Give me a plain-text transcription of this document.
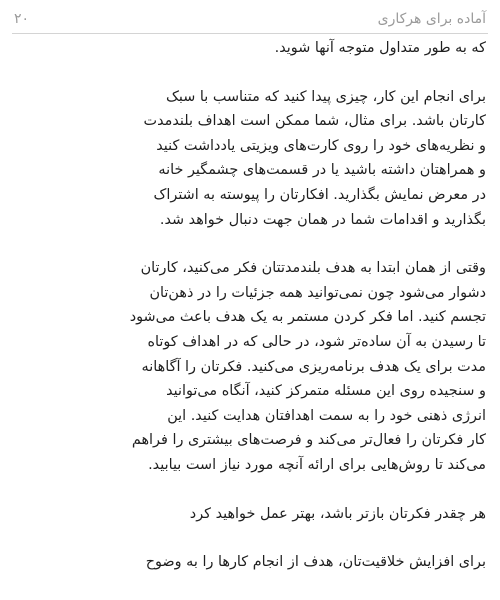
آماده برای هرکاری
۲۰

که به طور متداول متوجه آنها شوید.

برای انجام این کار، چیزی پیدا کنید که متناسب با سبک
کارتان باشد. برای مثال، شما ممکن است اهداف بلندمدت
و نظریه‌های خود را روی کارت‌های ویزیتی یادداشت کنید
و همراهتان داشته باشید یا در قسمت‌های چشمگیر خانه
در معرض نمایش بگذارید. افکارتان را پیوسته به اشتراک
بگذارید و اقدامات شما در همان جهت دنبال خواهد شد.

وقتی از همان ابتدا به هدف بلندمدتتان فکر می‌کنید، کارتان
دشوار می‌شود چون نمی‌توانید همه جزئیات را در ذهن‌تان
تجسم کنید. اما فکر کردن مستمر به یک هدف باعث می‌شود
تا رسیدن به آن ساده‌تر شود، در حالی که در اهداف کوتاه
مدت برای یک هدف برنامه‌ریزی می‌کنید. فکرتان را آگاهانه
و سنجیده روی این مسئله متمرکز کنید، آنگاه می‌توانید
انرژی ذهنی خود را به سمت اهدافتان هدایت کنید. این
کار فکرتان را فعال‌تر می‌کند و فرصت‌های بیشتری را فراهم
می‌کند تا روش‌هایی برای ارائه آنچه مورد نیاز است بیابید.

هر چقدر فکرتان بازتر باشد، بهتر عمل خواهید کرد

برای افزایش خلاقیت‌تان، هدف از انجام کارها را به وضوح
